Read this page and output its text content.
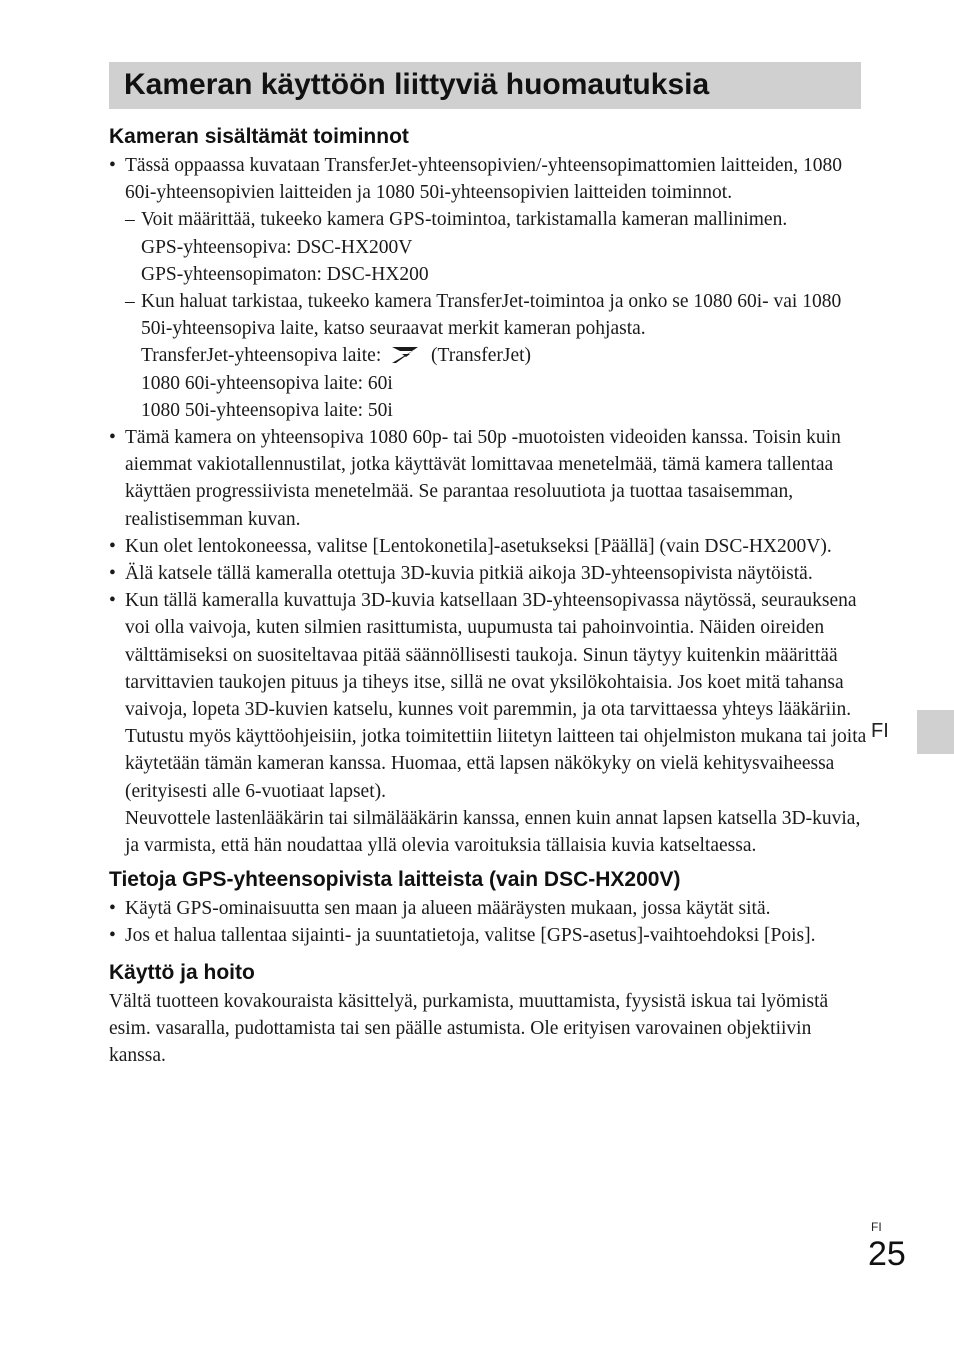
Kameran käyttöön liittyviä huomautuksia
Kameran sisältämät toiminnot
• Tässä oppaassa kuvataan TransferJet-yhteensopivien/-yhteensopimattomien laitteiden, 1080 60i-yhteensopivien laitteiden ja 1080 50i-yhteensopivien laitteiden toiminnot.
– Voit määrittää, tukeeko kamera GPS-toimintoa, tarkistamalla kameran mallinimen.
GPS-yhteensopiva: DSC-HX200V
GPS-yhteensopimaton: DSC-HX200
– Kun haluat tarkistaa, tukeeko kamera TransferJet-toimintoa ja onko se 1080 60i- vai 1080 50i-yhteensopiva laite, katso seuraavat merkit kameran pohjasta.
TransferJet-yhteensopiva laite:	(TransferJet)
1080 60i-yhteensopiva laite: 60i
1080 50i-yhteensopiva laite: 50i
• Tämä kamera on yhteensopiva 1080 60p- tai 50p -muotoisten videoiden kanssa. Toisin kuin aiemmat vakiotallennustilat, jotka käyttävät lomittavaa menetelmää, tämä kamera tallentaa käyttäen progressiivista menetelmää. Se parantaa resoluutiota ja tuottaa tasaisemman, realistisemman kuvan.
• Kun olet lentokoneessa, valitse [Lentokonetila]-asetukseksi [Päällä] (vain DSC-HX200V).
• Älä katsele tällä kameralla otettuja 3D-kuvia pitkiä aikoja 3D-yhteensopivista näytöistä.
• Kun tällä kameralla kuvattuja 3D-kuvia katsellaan 3D-yhteensopivassa näytössä, seurauksena voi olla vaivoja, kuten silmien rasittumista, uupumusta tai pahoinvointia. Näiden oireiden välttämiseksi on suositeltavaa pitää säännöllisesti taukoja. Sinun täytyy kuitenkin määrittää tarvittavien taukojen pituus ja tiheys itse, sillä ne ovat yksilökohtaisia. Jos koet mitä tahansa vaivoja, lopeta 3D-kuvien katselu, kunnes voit paremmin, ja ota tarvittaessa yhteys lääkäriin. Tutustu myös käyttöohjeisiin, jotka toimitettiin liitetyn laitteen tai ohjelmiston mukana tai joita käytetään tämän kameran kanssa. Huomaa, että lapsen näkökyky on vielä kehitysvaiheessa (erityisesti alle 6-vuotiaat lapset).
Neuvottele lastenlääkärin tai silmälääkärin kanssa, ennen kuin annat lapsen katsella 3D-kuvia, ja varmista, että hän noudattaa yllä olevia varoituksia tällaisia kuvia katseltaessa.
Tietoja GPS-yhteensopivista laitteista (vain DSC-HX200V)
• Käytä GPS-ominaisuutta sen maan ja alueen määräysten mukaan, jossa käytät sitä.
• Jos et halua tallentaa sijainti- ja suuntatietoja, valitse [GPS-asetus]-vaihtoehdoksi [Pois].
Käyttö ja hoito

Vältä tuotteen kovakouraista käsittelyä, purkamista, muuttamista, fyysistä iskua tai lyömistä esim. vasaralla, pudottamista tai sen päälle astumista. Ole erityisen varovainen objektiivin kanssa.

FI
FI
25
